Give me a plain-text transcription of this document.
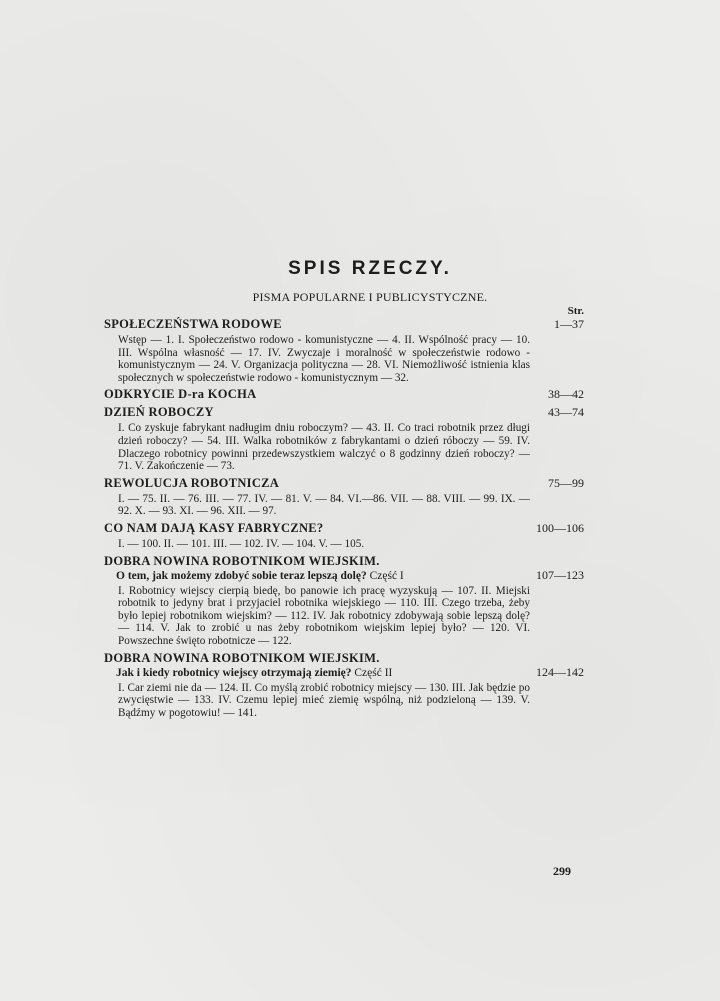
SPIS RZECZY.
PISMA POPULARNE I PUBLICYSTYCZNE.
Str.
SPOŁECZEŃSTWA RODOWE	1—37
Wstęp — 1. I. Społeczeństwo rodowo - komunistyczne — 4. II. Wspólność pracy — 10. III. Wspólna własność — 17. IV. Zwyczaje i moralność w społeczeństwie rodowo - komunistycznym — 24. V. Organizacja polityczna — 28. VI. Niemożliwość istnienia klas społecznych w społeczeństwie rodowo - komunistycznym — 32.
ODKRYCIE D-ra KOCHA	38—42
DZIEŃ ROBOCZY	43—74
I. Co zyskuje fabrykant nadługim dniu roboczym? — 43. II. Co traci robotnik przez długi dzień roboczy? — 54. III. Walka robotników z fabrykantami o dzień róboczy — 59. IV. Dlaczego robotnicy powinni przedewszystkiem walczyć o 8 godzinny dzień roboczy? — 71. V. Zakończenie — 73.
REWOLUCJA ROBOTNICZA	75—99
I. — 75. II. — 76. III. — 77. IV. — 81. V. — 84. VI.—86. VII. — 88. VIII. — 99. IX. — 92. X. — 93. XI. — 96. XII. — 97.
CO NAM DAJĄ KASY FABRYCZNE?	100—106
I. — 100. II. — 101. III. — 102. IV. — 104. V. — 105.
DOBRA NOWINA ROBOTNIKOM WIEJSKIM.
O tem, jak możemy zdobyć sobie teraz lepszą dolę? Część I	107—123
I. Robotnicy wiejscy cierpią biedę, bo panowie ich pracę wyzyskują — 107. II. Miejski robotnik to jedyny brat i przyjaciel robotnika wiejskiego — 110. III. Czego trzeba, żeby było lepiej robotnikom wiejskim? — 112. IV. Jak robotnicy zdobywają sobie lepszą dolę? — 114. V. Jak to zrobić u nas żeby robotnikom wiejskim lepiej było? — 120. VI. Powszechne święto robotnicze — 122.
DOBRA NOWINA ROBOTNIKOM WIEJSKIM.
Jak i kiedy robotnicy wiejscy otrzymają ziemię? Część II	124—142
I. Car ziemi nie da — 124. II. Co myślą zrobić robotnicy miejscy — 130. III. Jak będzie po zwycięstwie — 133. IV. Czemu lepiej mieć ziemię wspólną, niż podzieloną — 139. V. Bądźmy w pogotowiu! — 141.
299
